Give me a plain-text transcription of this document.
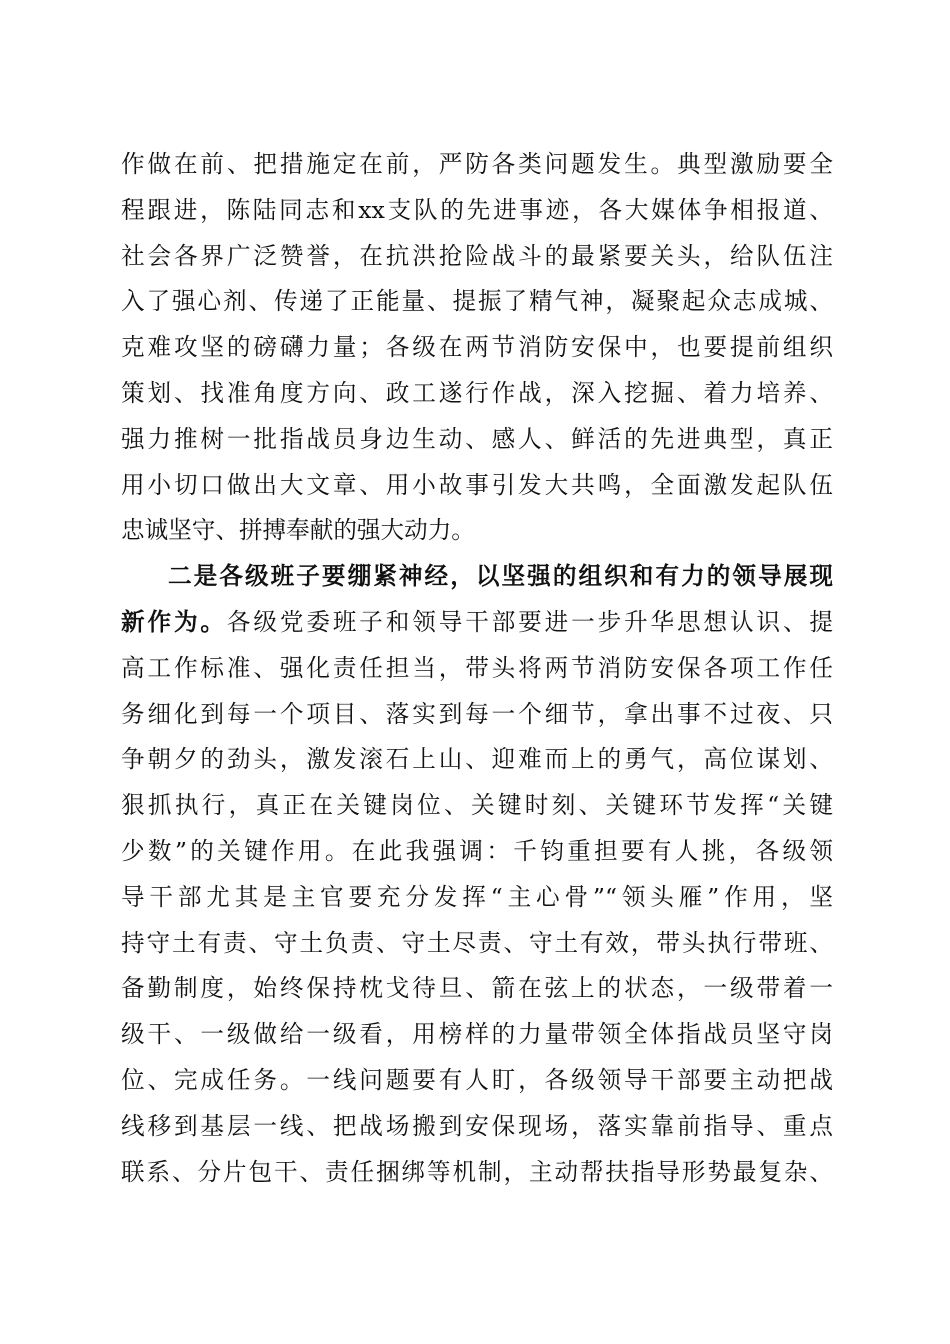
作做在前、把措施定在前，严防各类问题发生。典型激励要全
程跟进，陈陆同志和xx支队的先进事迹，各大媒体争相报道、
社会各界广泛赞誉，在抗洪抢险战斗的最紧要关头，给队伍注
入了强心剂、传递了正能量、提振了精气神，凝聚起众志成城、
克难攻坚的磅礴力量；各级在两节消防安保中，也要提前组织
策划、找准角度方向、政工遂行作战，深入挖掘、着力培养、
强力推树一批指战员身边生动、感人、鲜活的先进典型，真正
用小切口做出大文章、用小故事引发大共鸣，全面激发起队伍
忠诚坚守、拼搏奉献的强大动力。
二是各级班子要绷紧神经，以坚强的组织和有力的领导展现
新作为。各级党委班子和领导干部要进一步升华思想认识、提
高工作标准、强化责任担当，带头将两节消防安保各项工作任
务细化到每一个项目、落实到每一个细节，拿出事不过夜、只
争朝夕的劲头，激发滚石上山、迎难而上的勇气，高位谋划、
狠抓执行，真正在关键岗位、关键时刻、关键环节发挥“关键
少数”的关键作用。在此我强调：千钧重担要有人挑，各级领
导干部尤其是主官要充分发挥“主心骨”“领头雁”作用，坚
持守土有责、守土负责、守土尽责、守土有效，带头执行带班、
备勤制度，始终保持枕戈待旦、箭在弦上的状态，一级带着一
级干、一级做给一级看，用榜样的力量带领全体指战员坚守岗
位、完成任务。一线问题要有人盯，各级领导干部要主动把战
线移到基层一线、把战场搬到安保现场，落实靠前指导、重点
联系、分片包干、责任捆绑等机制，主动帮扶指导形势最复杂、
